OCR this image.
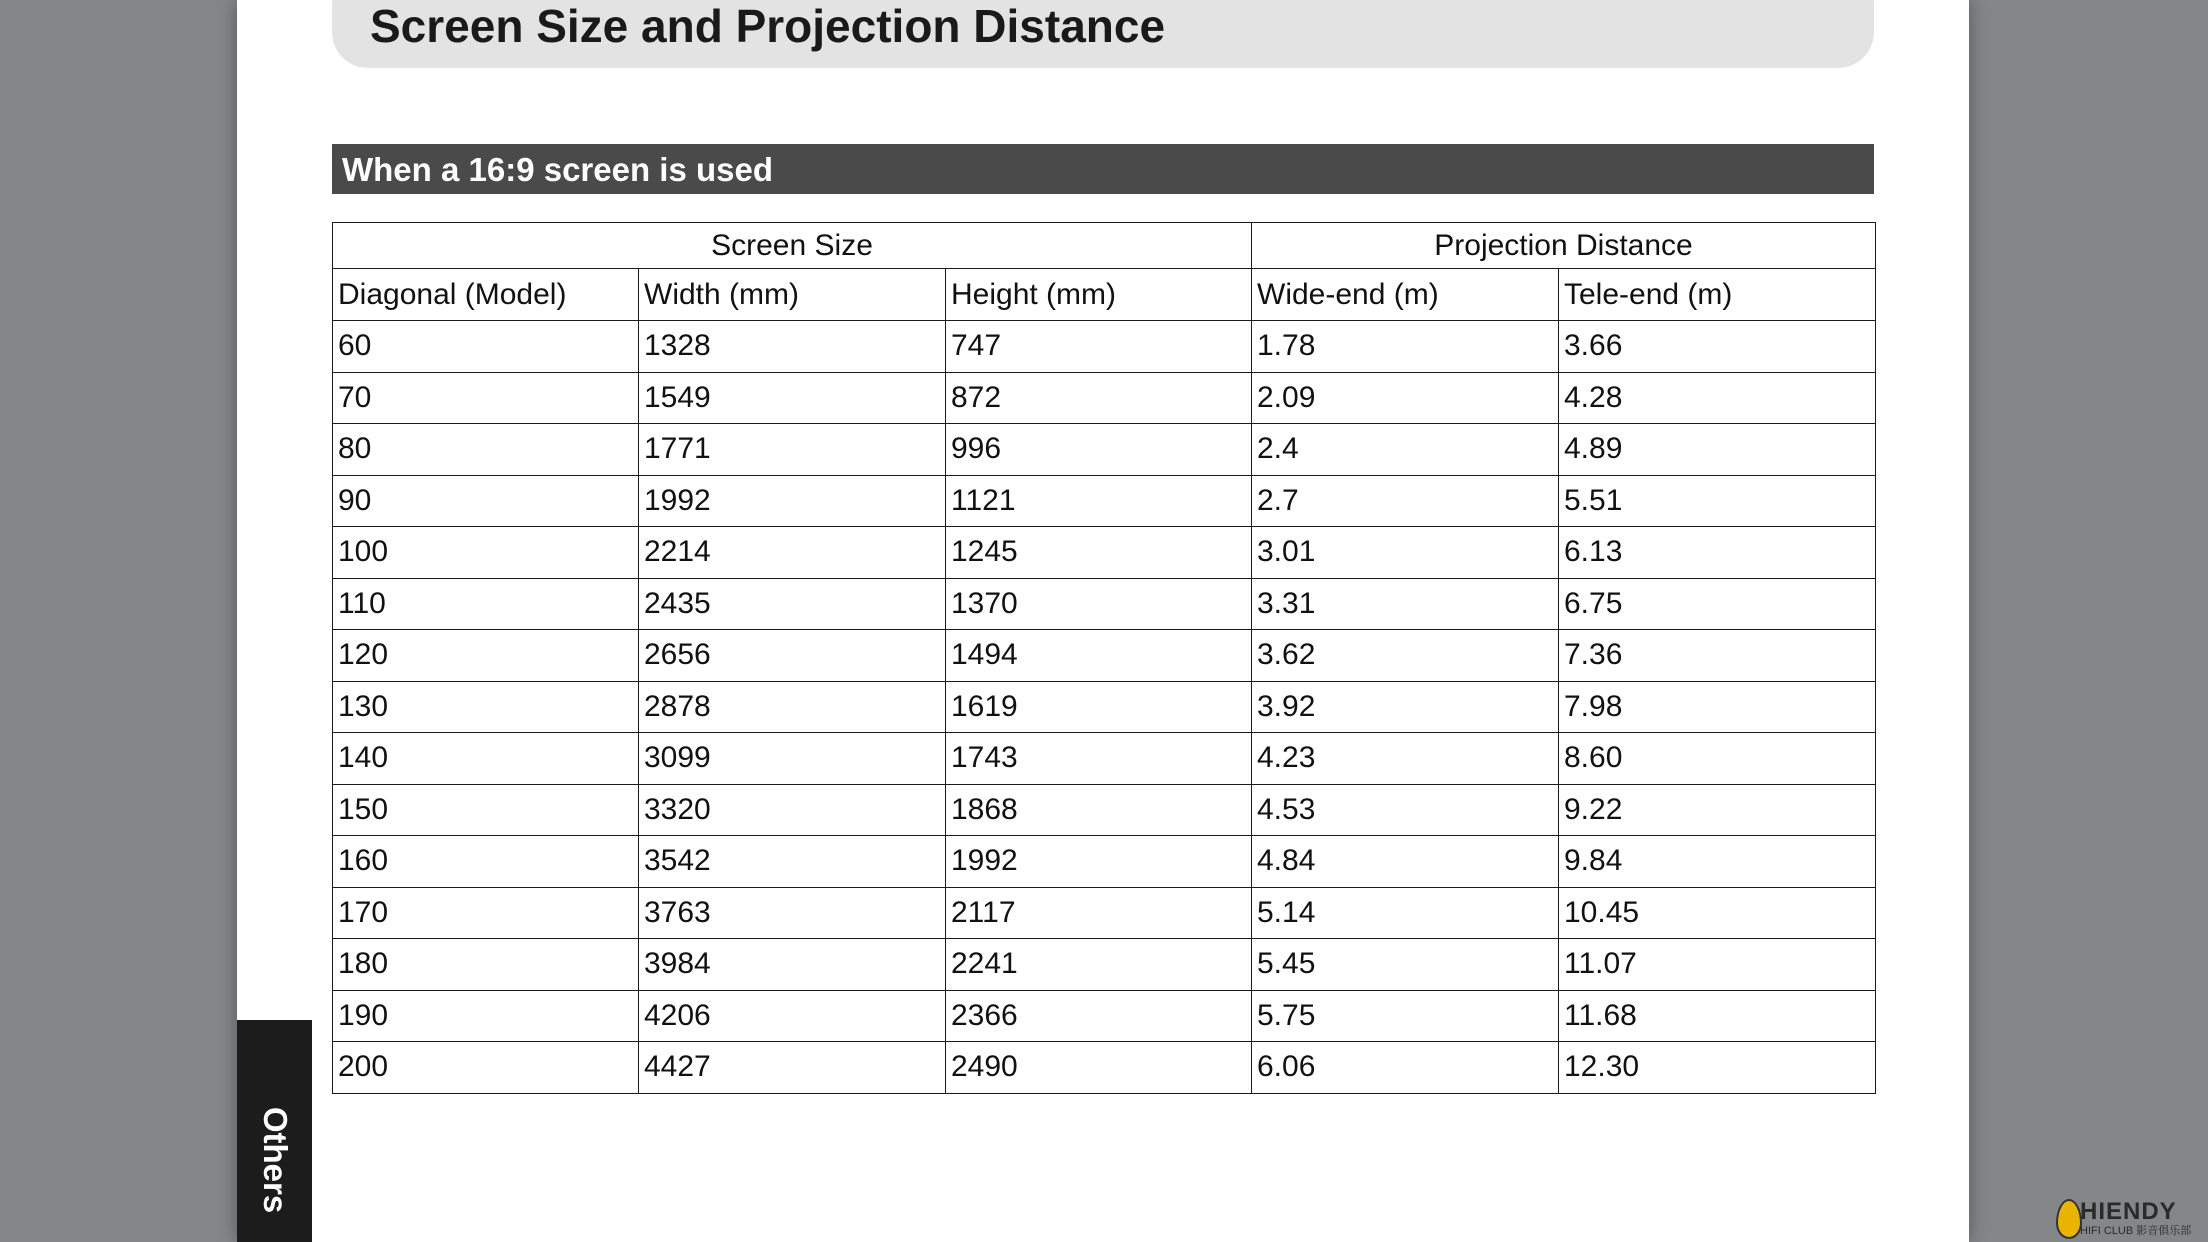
Screen Size and Projection Distance
When a 16:9 screen is used
Screen Size			Projection Distance	
Diagonal (Model)	Width (mm)	Height (mm)	Wide-end (m)	Tele-end (m)
60	1328	747	1.78	3.66
70	1549	872	2.09	4.28
80	1771	996	2.4	4.89
90	1992	1121	2.7	5.51
100	2214	1245	3.01	6.13
110	2435	1370	3.31	6.75
120	2656	1494	3.62	7.36
130	2878	1619	3.92	7.98
140	3099	1743	4.23	8.60
150	3320	1868	4.53	9.22
160	3542	1992	4.84	9.84
170	3763	2117	5.14	10.45
180	3984	2241	5.45	11.07
190	4206	2366	5.75	11.68
200	4427	2490	6.06	12.30
Others	HIENDY
HIFI CLUB 影音俱乐部
